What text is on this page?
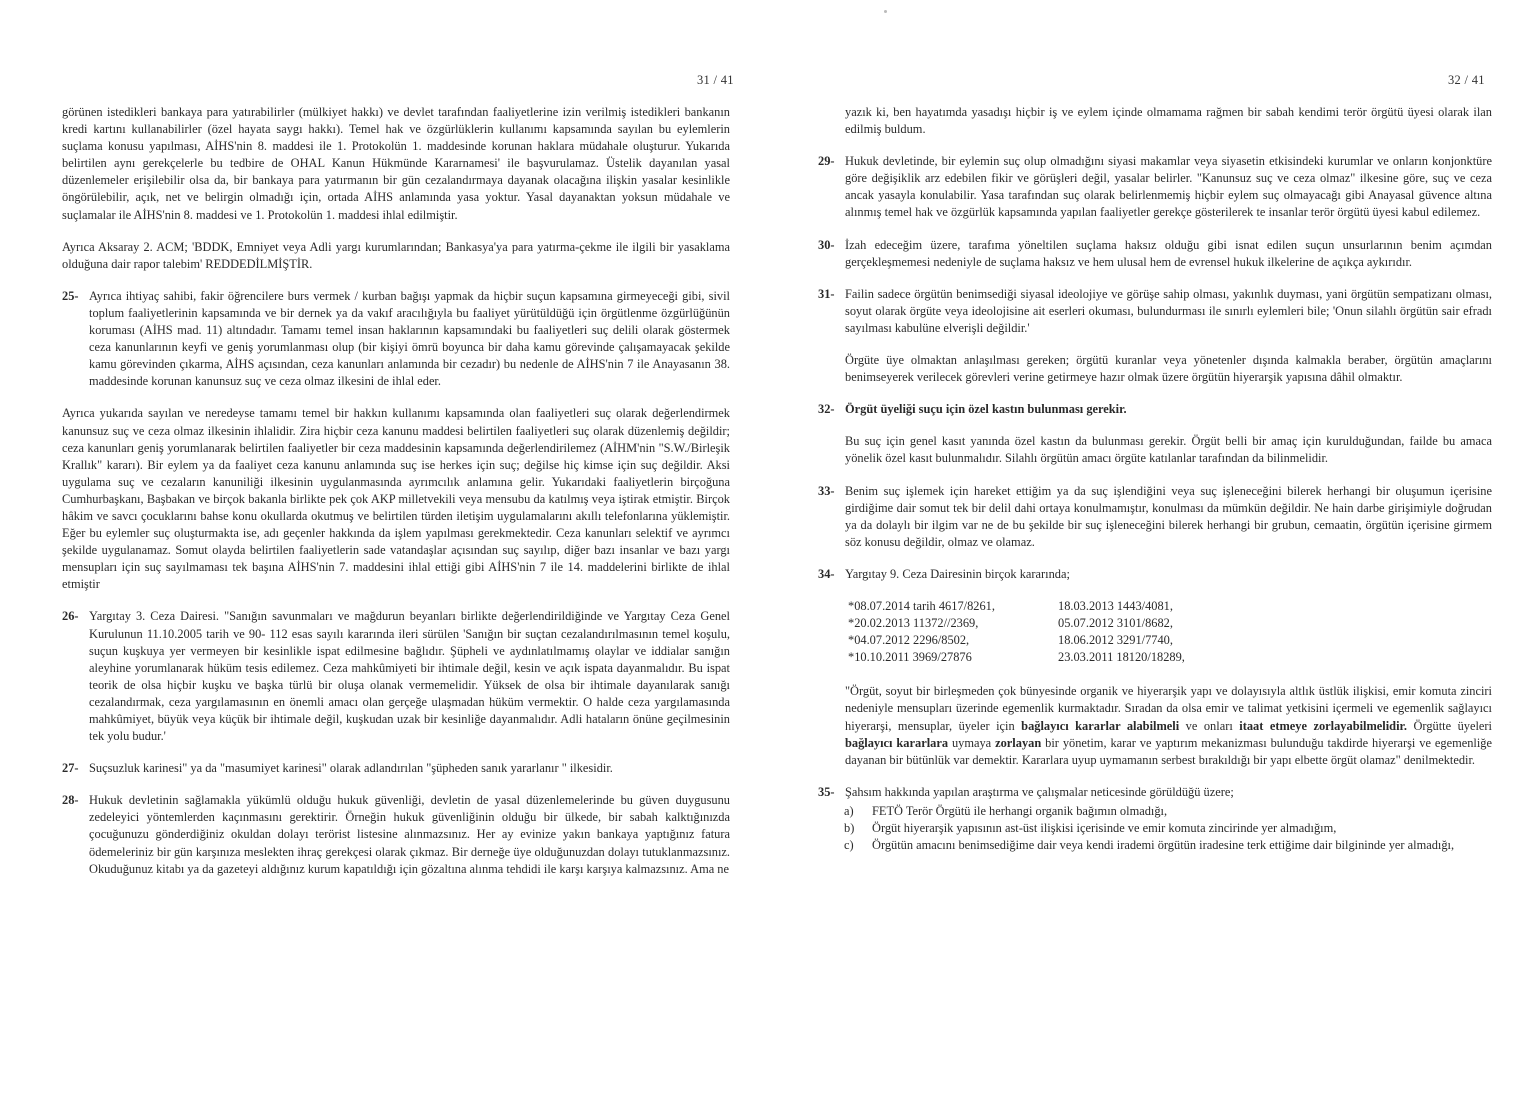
31 / 41

görünen istedikleri bankaya para yatırabilirler (mülkiyet hakkı) ve devlet tarafından faaliyetlerine izin verilmiş istedikleri bankanın kredi kartını kullanabilirler (özel hayata saygı hakkı). Temel hak ve özgürlüklerin kullanımı kapsamında sayılan bu eylemlerin suçlama konusu yapılması, AİHS'nin 8. maddesi ile 1. Protokolün 1. maddesinde korunan haklara müdahale oluşturur. Yukarıda belirtilen aynı gerekçelerle bu tedbire de OHAL Kanun Hükmünde Kararnamesi' ile başvurulamaz. Üstelik dayanılan yasal düzenlemeler erişilebilir olsa da, bir bankaya para yatırmanın bir gün cezalandırmaya dayanak olacağına ilişkin yasalar kesinlikle öngörülebilir, açık, net ve belirgin olmadığı için, ortada AİHS anlamında yasa yoktur. Yasal dayanaktan yoksun müdahale ve suçlamalar ile AİHS'nin 8. maddesi ve 1. Protokolün 1. maddesi ihlal edilmiştir.

Ayrıca Aksaray 2. ACM; 'BDDK, Emniyet veya Adli yargı kurumlarından; Bankasya'ya para yatırma-çekme ile ilgili bir yasaklama olduğuna dair rapor talebim' REDDEDİLMİŞTİR.

25- Ayrıca ihtiyaç sahibi, fakir öğrencilere burs vermek / kurban bağışı yapmak da hiçbir suçun kapsamına girmeyeceği gibi, sivil toplum faaliyetlerinin kapsamında ve bir dernek ya da vakıf aracılığıyla bu faaliyet yürütüldüğü için örgütlenme özgürlüğünün koruması (AİHS mad. 11) altındadır. Tamamı temel insan haklarının kapsamındaki bu faaliyetleri suç delili olarak göstermek ceza kanunlarının keyfi ve geniş yorumlanması olup (bir kişiyi ömrü boyunca bir daha kamu görevinde çalışamayacak şekilde kamu görevinden çıkarma, AİHS açısından, ceza kanunları anlamında bir cezadır) bu nedenle de AİHS'nin 7 ile Anayasanın 38. maddesinde korunan kanunsuz suç ve ceza olmaz ilkesini de ihlal eder.

Ayrıca yukarıda sayılan ve neredeyse tamamı temel bir hakkın kullanımı kapsamında olan faaliyetleri suç olarak değerlendirmek kanunsuz suç ve ceza olmaz ilkesinin ihlalidir. Zira hiçbir ceza kanunu maddesi belirtilen faaliyetleri suç olarak düzenlemiş değildir; ceza kanunları geniş yorumlanarak belirtilen faaliyetler bir ceza maddesinin kapsamında değerlendirilemez (AİHM'nin "S.W./Birleşik Krallık" kararı). Bir eylem ya da faaliyet ceza kanunu anlamında suç ise herkes için suç; değilse hiç kimse için suç değildir. Aksi uygulama suç ve cezaların kanuniliği ilkesinin uygulanmasında ayrımcılık anlamına gelir. Yukarıdaki faaliyetlerin birçoğuna Cumhurbaşkanı, Başbakan ve birçok bakanla birlikte pek çok AKP milletvekili veya mensubu da katılmış veya iştirak etmiştir. Birçok hâkim ve savcı çocuklarını bahse konu okullarda okutmuş ve belirtilen türden iletişim uygulamalarını akıllı telefonlarına yüklemiştir. Eğer bu eylemler suç oluşturmakta ise, adı geçenler hakkında da işlem yapılması gerekmektedir. Ceza kanunları selektif ve ayrımcı şekilde uygulanamaz. Somut olayda belirtilen faaliyetlerin sade vatandaşlar açısından suç sayılıp, diğer bazı insanlar ve bazı yargı mensupları için suç sayılmaması tek başına AİHS'nin 7. maddesini ihlal ettiği gibi AİHS'nin 7 ile 14. maddelerini birlikte de ihlal etmiştir

26- Yargıtay 3. Ceza Dairesi. "Sanığın savunmaları ve mağdurun beyanları birlikte değerlendirildiğinde ve Yargıtay Ceza Genel Kurulunun 11.10.2005 tarih ve 90- 112 esas sayılı kararında ileri sürülen 'Sanığın bir suçtan cezalandırılmasının temel koşulu, suçun kuşkuya yer vermeyen bir kesinlikle ispat edilmesine bağlıdır. Şüpheli ve aydınlatılmamış olaylar ve iddialar sanığın aleyhine yorumlanarak hüküm tesis edilemez. Ceza mahkûmiyeti bir ihtimale değil, kesin ve açık ispata dayanmalıdır. Bu ispat teorik de olsa hiçbir kuşku ve başka türlü bir oluşa olanak vermemelidir. Yüksek de olsa bir ihtimale dayanılarak sanığı cezalandırmak, ceza yargılamasının en önemli amacı olan gerçeğe ulaşmadan hüküm vermektir. O halde ceza yargılamasında mahkûmiyet, büyük veya küçük bir ihtimale değil, kuşkudan uzak bir kesinliğe dayanmalıdır. Adli hataların önüne geçilmesinin tek yolu budur.'
27- Suçsuzluk karinesi" ya da "masumiyet karinesi" olarak adlandırılan "şüpheden sanık yararlanır " ilkesidir.
28- Hukuk devletinin sağlamakla yükümlü olduğu hukuk güvenliği, devletin de yasal düzenlemelerinde bu güven duygusunu zedeleyici yöntemlerden kaçınmasını gerektirir. Örneğin hukuk güvenliğinin olduğu bir ülkede, bir sabah kalktığınızda çocuğunuzu gönderdiğiniz okuldan dolayı terörist listesine alınmazsınız. Her ay evinize yakın bankaya yaptığınız fatura ödemeleriniz bir gün karşınıza meslekten ihraç gerekçesi olarak çıkmaz. Bir derneğe üye olduğunuzdan dolayı tutuklanmazsınız. Okuduğunuz kitabı ya da gazeteyi aldığınız kurum kapatıldığı için gözaltına alınma tehdidi ile karşı karşıya kalmazsınız. Ama ne
32 / 41

yazık ki, ben hayatımda yasadışı hiçbir iş ve eylem içinde olmamama rağmen bir sabah kendimi terör örgütü üyesi olarak ilan edilmiş buldum.

29- Hukuk devletinde, bir eylemin suç olup olmadığını siyasi makamlar veya siyasetin etkisindeki kurumlar ve onların konjonktüre göre değişiklik arz edebilen fikir ve görüşleri değil, yasalar belirler. "Kanunsuz suç ve ceza olmaz" ilkesine göre, suç ve ceza ancak yasayla konulabilir. Yasa tarafından suç olarak belirlenmemiş hiçbir eylem suç olmayacağı gibi Anayasal güvence altına alınmış temel hak ve özgürlük kapsamında yapılan faaliyetler gerekçe gösterilerek te insanlar terör örgütü üyesi kabul edilemez.
30- İzah edeceğim üzere, tarafıma yöneltilen suçlama haksız olduğu gibi isnat edilen suçun unsurlarının benim açımdan gerçekleşmemesi nedeniyle de suçlama haksız ve hem ulusal hem de evrensel hukuk ilkelerine de açıkça aykırıdır.
31- Failin sadece örgütün benimsediği siyasal ideolojiye ve görüşe sahip olması, yakınlık duyması, yani örgütün sempatizanı olması, soyut olarak örgüte veya ideolojisine ait eserleri okuması, bulundurması ile sınırlı eylemleri bile; 'Onun silahlı örgütün sair efradı sayılması kabulüne elverişli değildir.'

Örgüte üye olmaktan anlaşılması gereken; örgütü kuranlar veya yönetenler dışında kalmakla beraber, örgütün amaçlarını benimseyerek verilecek görevleri verine getirmeye hazır olmak üzere örgütün hiyerarşik yapısına dâhil olmaktır.

32- Örgüt üyeliği suçu için özel kastın bulunması gerekir.

Bu suç için genel kasıt yanında özel kastın da bulunması gerekir. Örgüt belli bir amaç için kurulduğundan, failde bu amaca yönelik özel kasıt bulunmalıdır. Silahlı örgütün amacı örgüte katılanlar tarafından da bilinmelidir.

33- Benim suç işlemek için hareket ettiğim ya da suç işlendiğini veya suç işleneceğini bilerek herhangi bir oluşumun içerisine girdiğime dair somut tek bir delil dahi ortaya konulmamıştır, konulması da mümkün değildir. Ne hain darbe girişimiyle doğrudan ya da dolaylı bir ilgim var ne de bu şekilde bir suç işleneceğini bilerek herhangi bir grubun, cemaatin, örgütün içerisine girmem söz konusu değildir, olmaz ve olamaz.
34- Yargıtay 9. Ceza Dairesinin birçok kararında;
*08.07.2014 tarih 4617/8261,	18.03.2013 1443/4081,
*20.02.2013 11372//2369,	05.07.2012 3101/8682,
*04.07.2012 2296/8502,	18.06.2012 3291/7740,
*10.10.2011 3969/27876	23.03.2011 18120/18289,

"Örgüt, soyut bir birleşmeden çok bünyesinde organik ve hiyerarşik yapı ve dolayısıyla altlık üstlük ilişkisi, emir komuta zinciri nedeniyle mensupları üzerinde egemenlik kurmaktadır. Sıradan da olsa emir ve talimat yetkisini içermeli ve egemenlik sağlayıcı hiyerarşi, mensuplar, üyeler için bağlayıcı kararlar alabilmeli ve onları itaat etmeye zorlayabilmelidir. Örgütte üyeleri bağlayıcı kararlara uymaya zorlayan bir yönetim, karar ve yaptırım mekanizması bulunduğu takdirde hiyerarşi ve egemenliğe dayanan bir bütünlük var demektir. Kararlara uyup uymamanın serbest bırakıldığı bir yapı elbette örgüt olamaz" denilmektedir.

35- Şahsım hakkında yapılan araştırma ve çalışmalar neticesinde görüldüğü üzere;
a)	FETÖ Terör Örgütü ile herhangi organik bağımın olmadığı,
b)	Örgüt hiyerarşik yapısının ast-üst ilişkisi içerisinde ve emir komuta zincirinde yer almadığım,
c)	Örgütün amacını benimsediğime dair veya kendi irademi örgütün iradesine terk ettiğime dair bilgininde yer almadığı,
